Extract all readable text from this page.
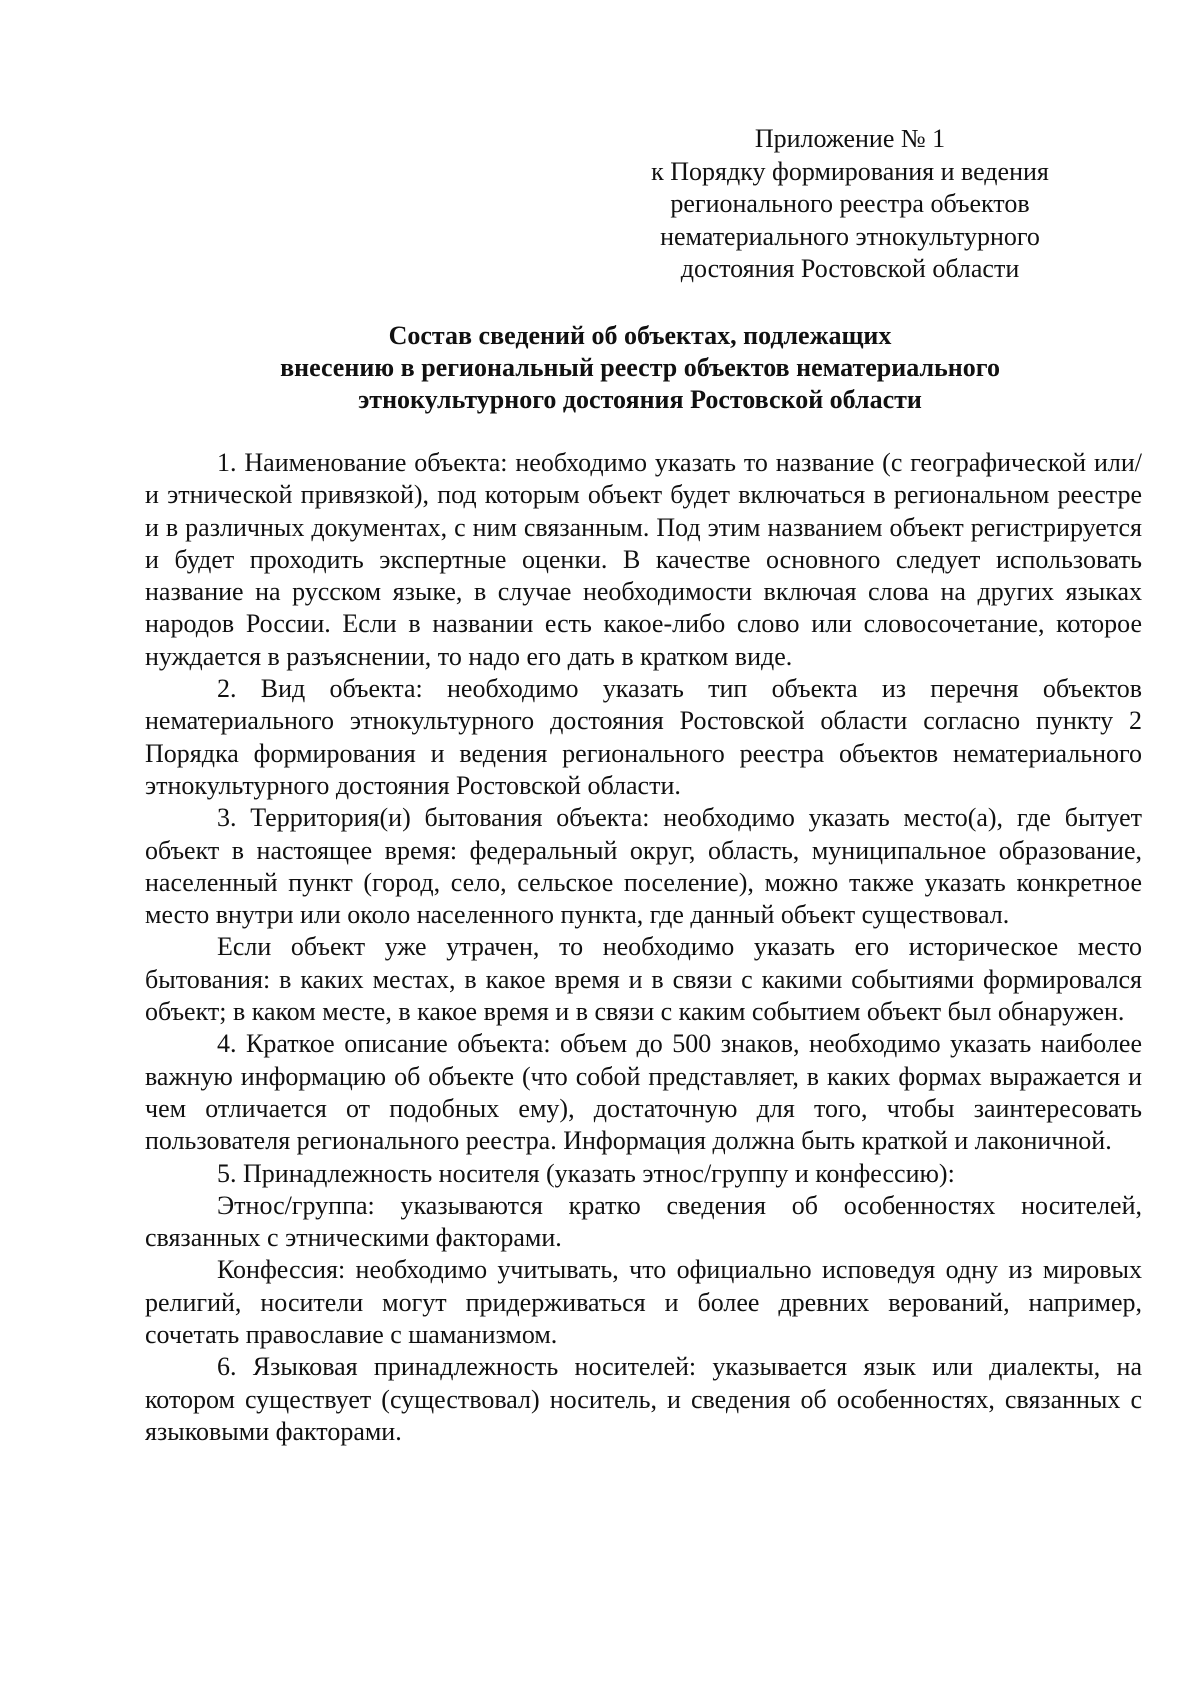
Приложение № 1
к Порядку формирования и ведения
регионального реестра объектов
нематериального этнокультурного
достояния Ростовской области
Состав сведений об объектах, подлежащих
внесению в региональный реестр объектов нематериального
этнокультурного достояния Ростовской области

1. Наименование объекта: необходимо указать то название (с географической или/и этнической привязкой), под которым объект будет включаться в региональном реестре и в различных документах, с ним связанным. Под этим названием объект регистрируется и будет проходить экспертные оценки. В качестве основного следует использовать название на русском языке, в случае необходимости включая слова на других языках народов России. Если в названии есть какое-либо слово или словосочетание, которое нуждается в разъяснении, то надо его дать в кратком виде.

2. Вид объекта: необходимо указать тип объекта из перечня объектов нематериального этнокультурного достояния Ростовской области согласно пункту 2 Порядка формирования и ведения регионального реестра объектов нематериального этнокультурного достояния Ростовской области.

3. Территория(и) бытования объекта: необходимо указать место(а), где бытует объект в настоящее время: федеральный округ, область, муниципальное образование, населенный пункт (город, село, сельское поселение), можно также указать конкретное место внутри или около населенного пункта, где данный объект существовал.

Если объект уже утрачен, то необходимо указать его историческое место бытования: в каких местах, в какое время и в связи с какими событиями формировался объект; в каком месте, в какое время и в связи с каким событием объект был обнаружен.

4. Краткое описание объекта: объем до 500 знаков, необходимо указать наиболее важную информацию об объекте (что собой представляет, в каких формах выражается и чем отличается от подобных ему), достаточную для того, чтобы заинтересовать пользователя регионального реестра. Информация должна быть краткой и лаконичной.

5. Принадлежность носителя (указать этнос/группу и конфессию):

Этнос/группа: указываются кратко сведения об особенностях носителей, связанных с этническими факторами.

Конфессия: необходимо учитывать, что официально исповедуя одну из мировых религий, носители могут придерживаться и более древних верований, например, сочетать православие с шаманизмом.

6. Языковая принадлежность носителей: указывается язык или диалекты, на котором существует (существовал) носитель, и сведения об особенностях, связанных с языковыми факторами.
